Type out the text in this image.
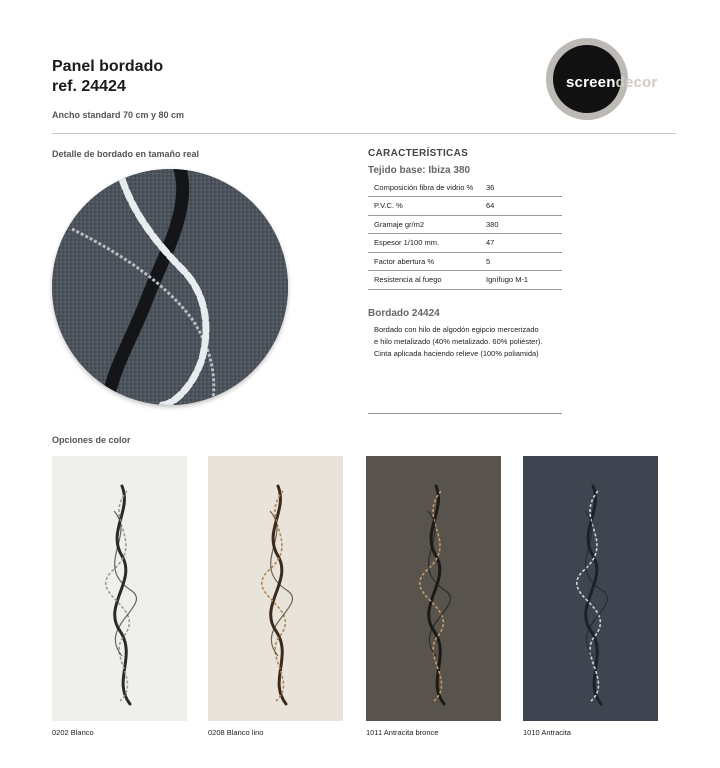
Panel bordado
ref. 24424
Ancho standard 70 cm y 80 cm
screendecor
Detalle de bordado en tamaño real	CARACTERÍSTICAS
Tejido base: Ibiza 380
Composición fibra de vidrio %	36
P.V.C. %	64
Gramaje gr/m2	380
Espesor 1/100 mm.	47
Factor abertura %	5
Resistencia al fuego	Ignífugo M-1
Bordado 24424
Bordado con hilo de algodón egipcio mercerizado
e hilo metalizado (40% metalizado. 60% poliéster).
Cinta aplicada haciendo relieve (100% poliamida)
Opciones de color
0202 Blanco	0208 Blanco lino	1011 Antracita bronce	1010 Antracita
